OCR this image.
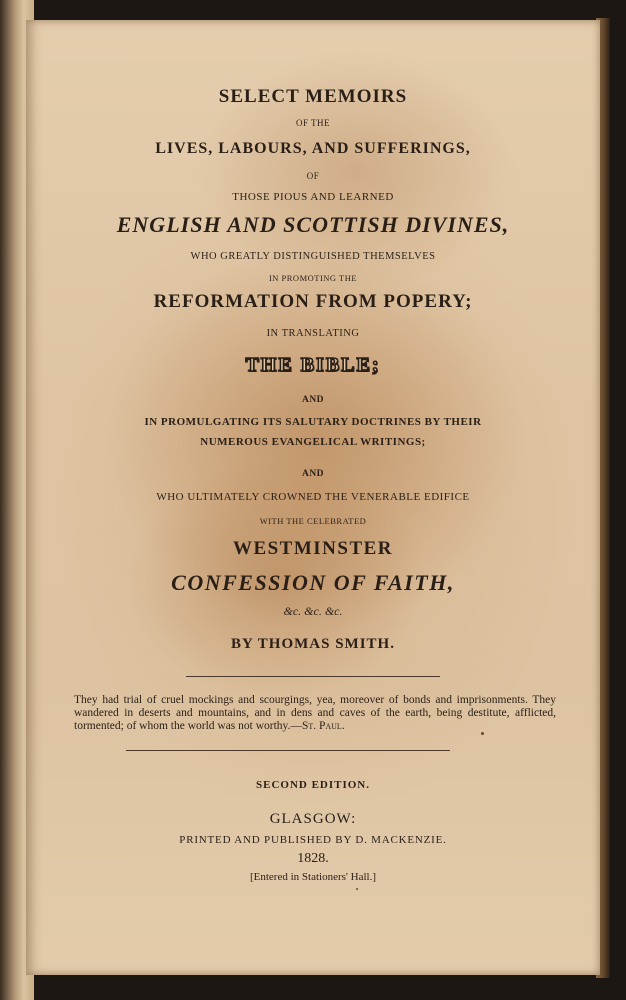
SELECT MEMOIRS
OF THE
LIVES, LABOURS, AND SUFFERINGS,
OF
THOSE PIOUS AND LEARNED
ENGLISH AND SCOTTISH DIVINES,
WHO GREATLY DISTINGUISHED THEMSELVES
IN PROMOTING THE
REFORMATION FROM POPERY;
IN TRANSLATING
THE BIBLE;
AND
IN PROMULGATING ITS SALUTARY DOCTRINES BY THEIR
NUMEROUS EVANGELICAL WRITINGS;
AND
WHO ULTIMATELY CROWNED THE VENERABLE EDIFICE
WITH THE CELEBRATED
WESTMINSTER
CONFESSION OF FAITH,
&c. &c. &c.
BY THOMAS SMITH.
They had trial of cruel mockings and scourgings, yea, moreover of bonds and imprisonments. They wandered in deserts and mountains, and in dens and caves of the earth, being destitute, afflicted, tormented; of whom the world was not worthy.—St. Paul.
SECOND EDITION.
GLASGOW:
PRINTED AND PUBLISHED BY D. MACKENZIE.
1828.
[Entered in Stationers' Hall.]
